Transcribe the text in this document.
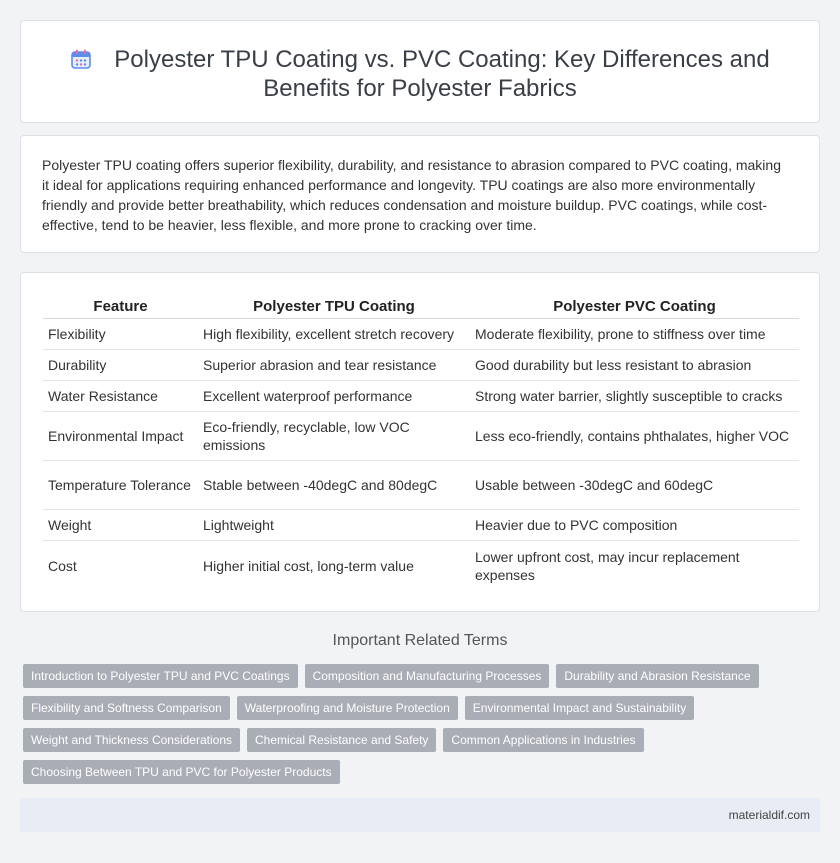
Polyester TPU Coating vs. PVC Coating: Key Differences and Benefits for Polyester Fabrics

Polyester TPU coating offers superior flexibility, durability, and resistance to abrasion compared to PVC coating, making it ideal for applications requiring enhanced performance and longevity. TPU coatings are also more environmentally friendly and provide better breathability, which reduces condensation and moisture buildup. PVC coatings, while cost-effective, tend to be heavier, less flexible, and more prone to cracking over time.

Feature	Polyester TPU Coating	Polyester PVC Coating
Flexibility	High flexibility, excellent stretch recovery	Moderate flexibility, prone to stiffness over time
Durability	Superior abrasion and tear resistance	Good durability but less resistant to abrasion
Water Resistance	Excellent waterproof performance	Strong water barrier, slightly susceptible to cracks
Environmental Impact	Eco-friendly, recyclable, low VOC emissions	Less eco-friendly, contains phthalates, higher VOC
Temperature Tolerance	Stable between -40degC and 80degC	Usable between -30degC and 60degC
Weight	Lightweight	Heavier due to PVC composition
Cost	Higher initial cost, long-term value	Lower upfront cost, may incur replacement expenses
Important Related Terms
Introduction to Polyester TPU and PVC Coatings	Composition and Manufacturing Processes	Durability and Abrasion Resistance
Flexibility and Softness Comparison	Waterproofing and Moisture Protection	Environmental Impact and Sustainability
Weight and Thickness Considerations	Chemical Resistance and Safety	Common Applications in Industries
Choosing Between TPU and PVC for Polyester Products
materialdif.com
